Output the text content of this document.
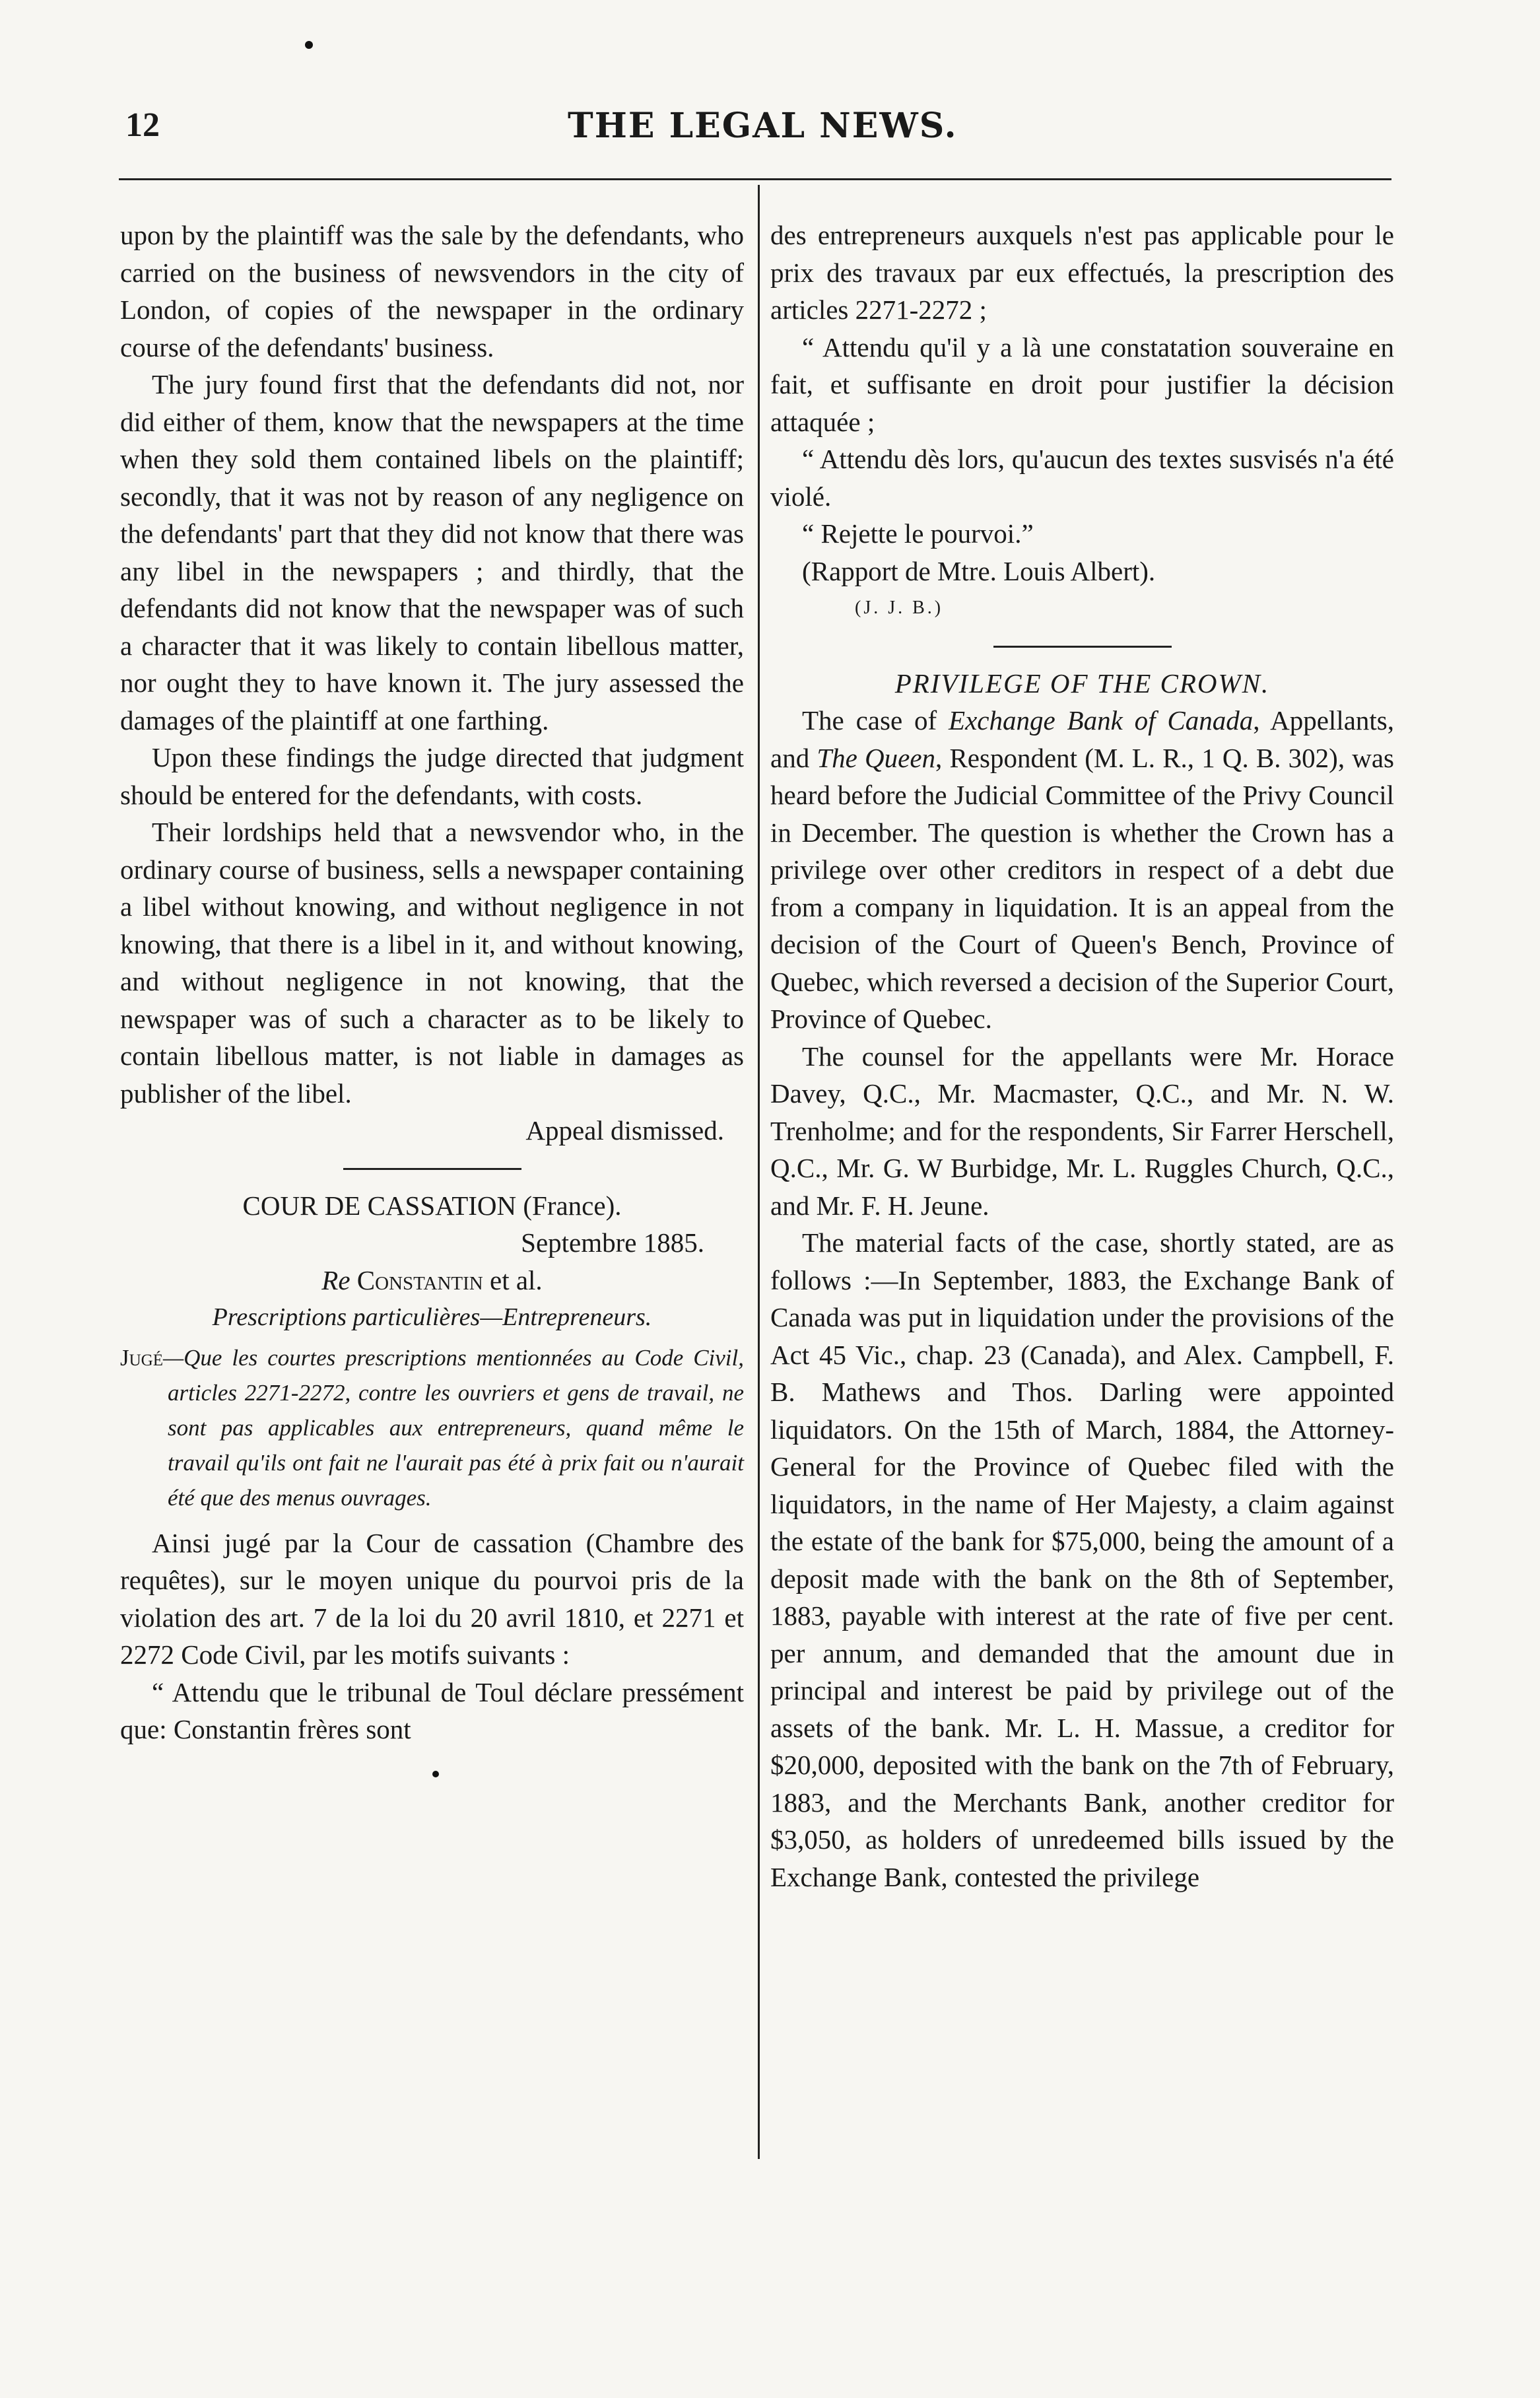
12	THE LEGAL NEWS.

upon by the plaintiff was the sale by the defendants, who carried on the business of newsvendors in the city of London, of copies of the newspaper in the ordinary course of the defendants' business.

The jury found first that the defendants did not, nor did either of them, know that the newspapers at the time when they sold them contained libels on the plaintiff; secondly, that it was not by reason of any negligence on the defendants' part that they did not know that there was any libel in the newspapers ; and thirdly, that the defendants did not know that the newspaper was of such a character that it was likely to contain libellous matter, nor ought they to have known it. The jury assessed the damages of the plaintiff at one farthing.

Upon these findings the judge directed that judgment should be entered for the defendants, with costs.

Their lordships held that a newsvendor who, in the ordinary course of business, sells a newspaper containing a libel without knowing, and without negligence in not knowing, that there is a libel in it, and without knowing, and without negligence in not knowing, that the newspaper was of such a character as to be likely to contain libellous matter, is not liable in damages as publisher of the libel.

Appeal dismissed.

COUR DE CASSATION (France).

Septembre 1885.

Re Constantin et al.

Prescriptions particulières—Entrepreneurs.

Jugé—Que les courtes prescriptions mentionnées au Code Civil, articles 2271-2272, contre les ouvriers et gens de travail, ne sont pas applicables aux entrepreneurs, quand même le travail qu'ils ont fait ne l'aurait pas été à prix fait ou n'aurait été que des menus ouvrages.

Ainsi jugé par la Cour de cassation (Chambre des requêtes), sur le moyen unique du pourvoi pris de la violation des art. 7 de la loi du 20 avril 1810, et 2271 et 2272 Code Civil, par les motifs suivants :

“ Attendu que le tribunal de Toul déclare pressément que: Constantin frères sont

des entrepreneurs auxquels n'est pas applicable pour le prix des travaux par eux effectués, la prescription des articles 2271-2272 ;

“ Attendu qu'il y a là une constatation souveraine en fait, et suffisante en droit pour justifier la décision attaquée ;

“ Attendu dès lors, qu'aucun des textes susvisés n'a été violé.

“ Rejette le pourvoi.”

(Rapport de Mtre. Louis Albert).

(J. J. B.)

PRIVILEGE OF THE CROWN.

The case of Exchange Bank of Canada, Appellants, and The Queen, Respondent (M. L. R., 1 Q. B. 302), was heard before the Judicial Committee of the Privy Council in December. The question is whether the Crown has a privilege over other creditors in respect of a debt due from a company in liquidation. It is an appeal from the decision of the Court of Queen's Bench, Province of Quebec, which reversed a decision of the Superior Court, Province of Quebec.

The counsel for the appellants were Mr. Horace Davey, Q.C., Mr. Macmaster, Q.C., and Mr. N. W. Trenholme; and for the respondents, Sir Farrer Herschell, Q.C., Mr. G. W Burbidge, Mr. L. Ruggles Church, Q.C., and Mr. F. H. Jeune.

The material facts of the case, shortly stated, are as follows :—In September, 1883, the Exchange Bank of Canada was put in liquidation under the provisions of the Act 45 Vic., chap. 23 (Canada), and Alex. Campbell, F. B. Mathews and Thos. Darling were appointed liquidators. On the 15th of March, 1884, the Attorney-General for the Province of Quebec filed with the liquidators, in the name of Her Majesty, a claim against the estate of the bank for $75,000, being the amount of a deposit made with the bank on the 8th of September, 1883, payable with interest at the rate of five per cent. per annum, and demanded that the amount due in principal and interest be paid by privilege out of the assets of the bank. Mr. L. H. Massue, a creditor for $20,000, deposited with the bank on the 7th of February, 1883, and the Merchants Bank, another creditor for $3,050, as holders of unredeemed bills issued by the Exchange Bank, contested the privilege
